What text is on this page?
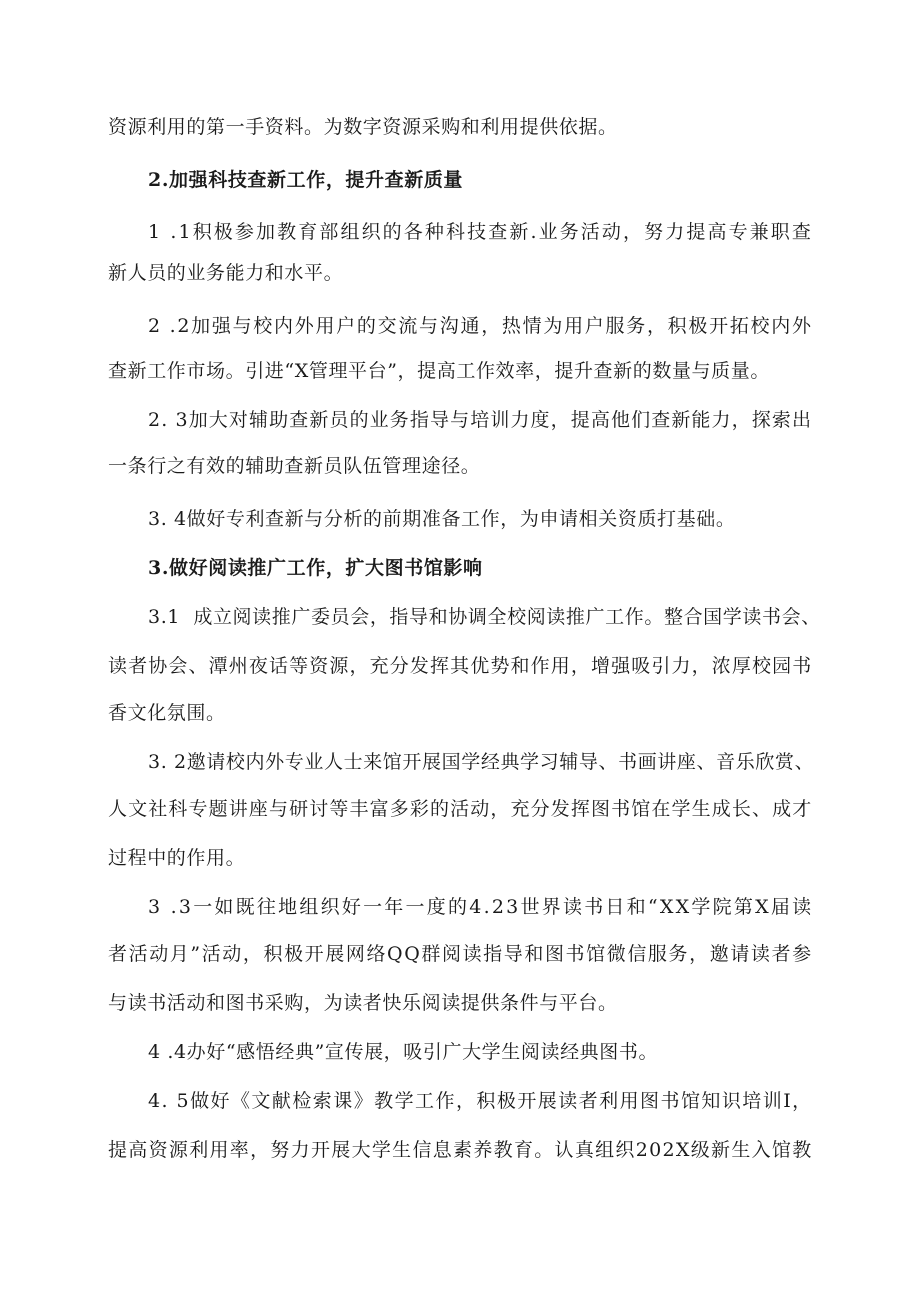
资源利用的第一手资料。为数字资源采购和利用提供依据。
2.加强科技查新工作，提升查新质量
1
. 1 积 极 参 加 教 育 部 组 织 的 各 种 科 技 查 新 . 业 务 活 动 ， 努 力 提 高 专 兼 职 查
新人员的业务能力和水平。
2
. 2 加 强 与 校 内 外 用 户 的 交 流 与 沟 通 ， 热 情 为 用 户 服 务 ， 积 极 开 拓 校 内 外
查新工作市场。引进“X管理平台”，提高工作效率，提升查新的数量与质量。
2 .
3 加 大 对 辅 助 查 新 员 的 业 务 指 导 与 培 训 力 度 ， 提 高 他 们 查 新 能 力 ， 探 索 出
一条行之有效的辅助查新员队伍管理途径。
3. 4做好专利查新与分析的前期准备工作，为申请相关资质打基础。
3.做好阅读推广工作，扩大图书馆影响
3 . 1

成 立 阅 读 推 广 委 员 会 ， 指 导 和 协 调 全 校 阅 读 推 广 工 作 。 整 合 国 学 读 书 会 、
读 者 协 会 、 潭 州 夜 话 等 资 源 ， 充 分 发 挥 其 优 势 和 作 用 ， 增 强 吸 引 力 ， 浓 厚 校 园 书
香文化氛围。
3 .
2 邀 请 校 内 外 专 业 人 士 来 馆 开 展 国 学 经 典 学 习 辅 导 、 书 画 讲 座 、 音 乐 欣 赏 、
人 文 社 科 专 题 讲 座 与 研 讨 等 丰 富 多 彩 的 活 动 ， 充 分 发 挥 图 书 馆 在 学 生 成 长 、 成 才
过程中的作用。
3
. 3 一 如 既 往 地 组 织 好 一 年 一 度 的 4 . 2 3 世 界 读 书 日 和 “ X X 学 院 第 X 届 读
者 活 动 月 ” 活 动 ， 积 极 开 展 网 络 Q Q 群 阅 读 指 导 和 图 书 馆 微 信 服 务 ， 邀 请 读 者 参
与读书活动和图书采购，为读者快乐阅读提供条件与平台。
4 .4办好“感悟经典”宣传展，吸引广大学生阅读经典图书。
4 .
5 做 好 《 文 献 检 索 课 》 教 学 工 作 ， 积 极 开 展 读 者 利 用 图 书 馆 知 识 培 训 I ，
提 高 资 源 利 用 率 ， 努 力 开 展 大 学 生 信 息 素 养 教 育 。 认 真 组 织 2 0 2 X 级 新 生 入 馆 教
